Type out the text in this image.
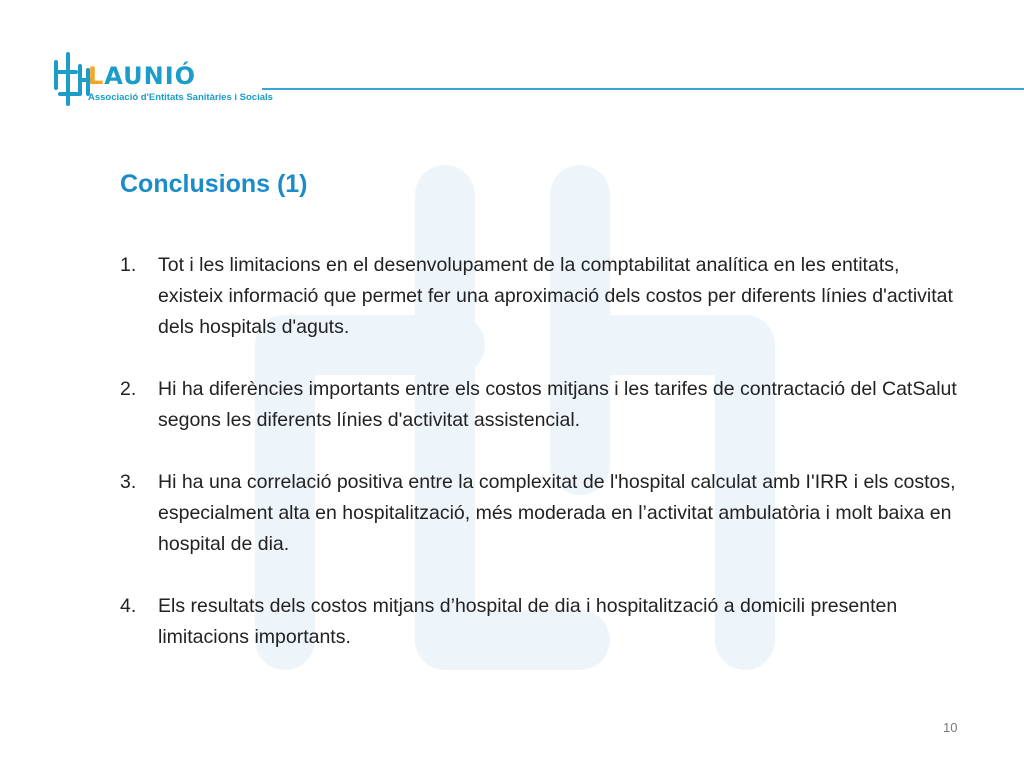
LAUNIÓ
Associació d'Entitats Sanitàries i Socials
Conclusions (1)
1. Tot i les limitacions en el desenvolupament de la comptabilitat analítica en les entitats, existeix informació que permet fer una aproximació dels costos per diferents línies d'activitat dels hospitals d'aguts.
2. Hi ha diferències importants entre els costos mitjans i les tarifes de contractació del CatSalut segons les diferents línies d'activitat assistencial.
3. Hi ha una correlació positiva entre la complexitat de l'hospital calculat amb I'IRR i els costos, especialment alta en hospitalització, més moderada en l’activitat ambulatòria i molt baixa en hospital de dia.
4. Els resultats dels costos mitjans d’hospital de dia i hospitalització a domicili presenten limitacions importants.
10
